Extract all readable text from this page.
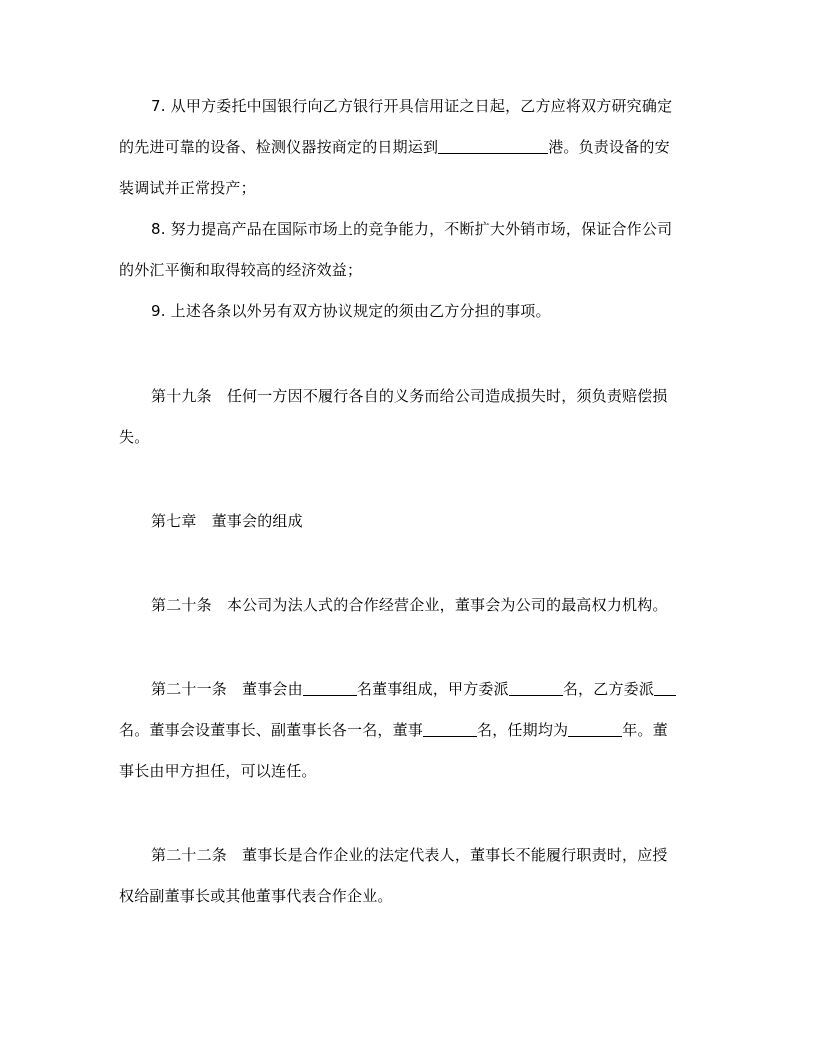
7. 从甲方委托中国银行向乙方银行开具信用证之日起，乙方应将双方研究确定
的先进可靠的设备、检测仪器按商定的日期运到	港。负责设备的安
装调试并正常投产；
8. 努力提高产品在国际市场上的竞争能力，不断扩大外销市场，保证合作公司
的外汇平衡和取得较高的经济效益；
9. 上述各条以外另有双方协议规定的须由乙方分担的事项。
第十九条 任何一方因不履行各自的义务而给公司造成损失时，须负责赔偿损
失。
第七章 董事会的组成
第二十条 本公司为法人式的合作经营企业，董事会为公司的最高权力机构。
第二十一条 董事会由	名董事组成，甲方委派	名，乙方委派
名。董事会设董事长、副董事长各一名，董事	名，任期均为	年。董
事长由甲方担任，可以连任。
第二十二条 董事长是合作企业的法定代表人，董事长不能履行职责时，应授
权给副董事长或其他董事代表合作企业。
